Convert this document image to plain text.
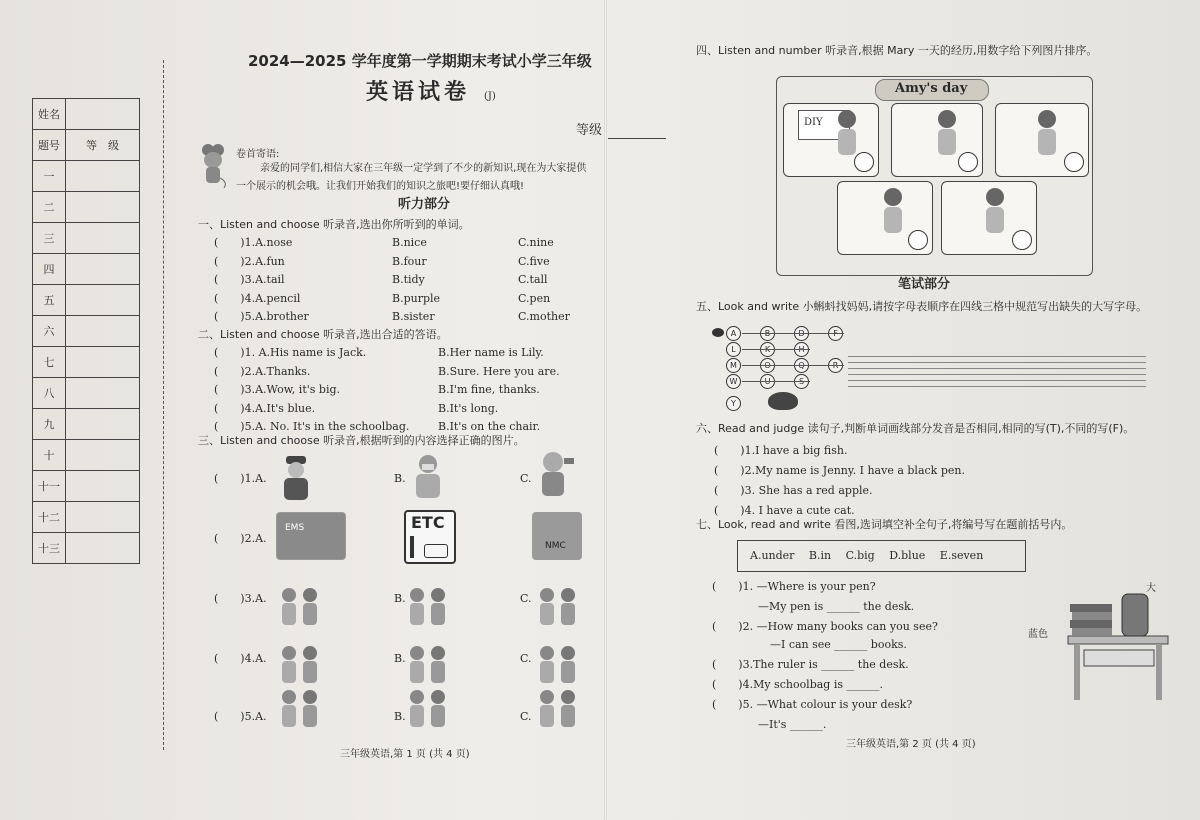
姓名	
题号	等　级
一	
二	
三	
四	
五	
六	
七	
八	
九	
十	
十一	
十二	
十三	
2024—2025 学年度第一学期期末考试小学三年级
英语试卷 (J)
等级
卷首寄语:
亲爱的同学们,相信大家在三年级一定学到了不少的新知识,现在为大家提供
一个展示的机会哦。让我们开始我们的知识之旅吧!要仔细认真哦!
听力部分
一、Listen and choose 听录音,选出你所听到的单词。
(　　)1.A.nose	B.nice	C.nine
(　　)2.A.fun	B.four	C.five
(　　)3.A.tail	B.tidy	C.tall
(　　)4.A.pencil	B.purple	C.pen
(　　)5.A.brother	B.sister	C.mother
二、Listen and choose 听录音,选出合适的答语。
(　　)1. A.His name is Jack.	B.Her name is Lily.
(　　)2.A.Thanks.	B.Sure. Here you are.
(　　)3.A.Wow, it's big.	B.I'm fine, thanks.
(　　)4.A.It's blue.	B.It's long.
(　　)5.A. No. It's in the schoolbag.	B.It's on the chair.
三、Listen and choose 听录音,根据听到的内容选择正确的图片。
(　　)1.A.	B.	C.
(　　)2.A.
(　　)3.A.	B.	C.
(　　)4.A.	B.	C.
(　　)5.A.	B.	C.
EMS	ETC
NMC
三年级英语,第 1 页 (共 4 页)
四、Listen and number 听录音,根据 Mary 一天的经历,用数字给下列图片排序。
Amy's day
DIY
笔试部分
五、Look and write 小蝌蚪找妈妈,请按字母表顺序在四线三格中规范写出缺失的大写字母。
A	B	D	F
L	K	H
M	O	Q	R
W	U	S
Y
六、Read and judge 读句子,判断单词画线部分发音是否相同,相同的写(T),不同的写(F)。
(　　)1.I have a big fish.
(　　)2.My name is Jenny. I have a black pen.
(　　)3. She has a red apple.
(　　)4. I have a cute cat.
七、Look, read and write 看图,选词填空补全句子,将编号写在题前括号内。
A.under　 B.in　 C.big　 D.blue　 E.seven
(　　)1. —Where is your pen?
—My pen is ______ the desk.
(　　)2. —How many books can you see?
—I can see ______ books.
(　　)3.The ruler is ______ the desk.
(　　)4.My schoolbag is ______.
(　　)5. —What colour is your desk?
—It's ______.
蓝色
大
三年级英语,第 2 页 (共 4 页)
